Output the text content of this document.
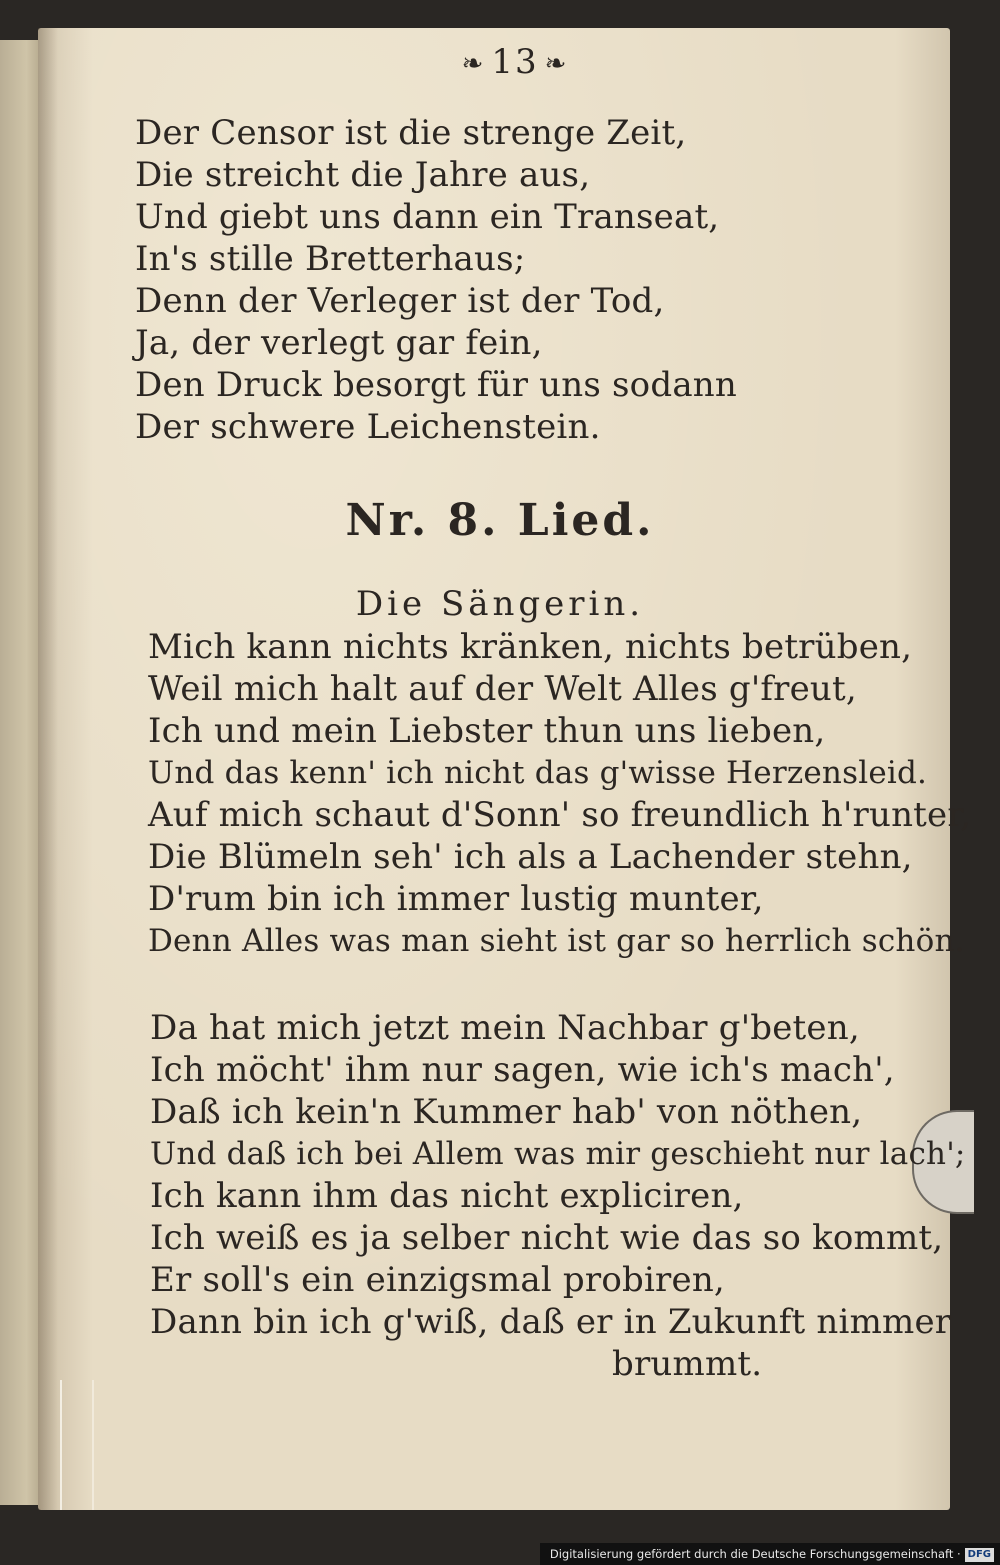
❧ 13 ❧
Der Censor ist die strenge Zeit,
Die streicht die Jahre aus,
Und giebt uns dann ein Transeat,
In's stille Bretterhaus;
Denn der Verleger ist der Tod,
Ja, der verlegt gar fein,
Den Druck besorgt für uns sodann
Der schwere Leichenstein.
Nr. 8. Lied.
Die Sängerin.
Mich kann nichts kränken, nichts betrüben,
Weil mich halt auf der Welt Alles g'freut,
Ich und mein Liebster thun uns lieben,
Und das kenn' ich nicht das g'wisse Herzensleid.
Auf mich schaut d'Sonn' so freundlich h'runter,
Die Blümeln seh' ich als a Lachender stehn,
D'rum bin ich immer lustig munter,
Denn Alles was man sieht ist gar so herrlich schön.
Da hat mich jetzt mein Nachbar g'beten,
Ich möcht' ihm nur sagen, wie ich's mach',
Daß ich kein'n Kummer hab' von nöthen,
Und daß ich bei Allem was mir geschieht nur lach';
Ich kann ihm das nicht expliciren,
Ich weiß es ja selber nicht wie das so kommt,
Er soll's ein einzigsmal probiren,
Dann bin ich g'wiß, daß er in Zukunft nimmer
brummt.
Digitalisierung gefördert durch die Deutsche Forschungsgemeinschaft · DFG
